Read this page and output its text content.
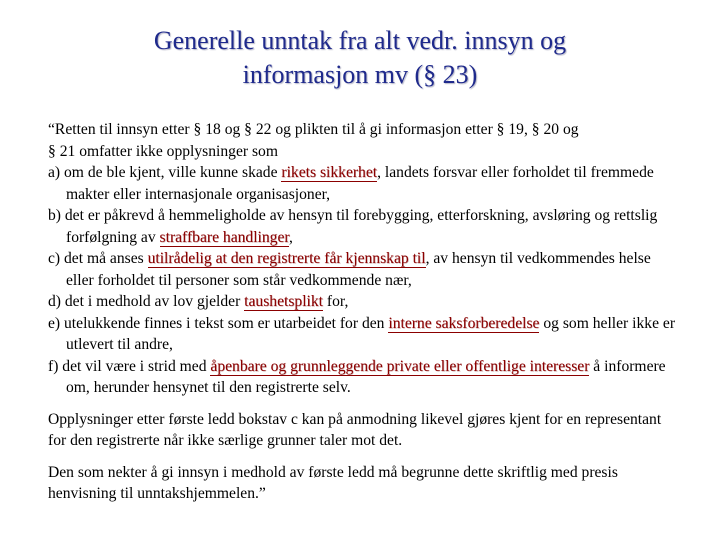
Generelle unntak fra alt vedr. innsyn og
informasjon mv (§ 23)

“Retten til innsyn etter § 18 og § 22 og plikten til å gi informasjon etter § 19, § 20 og
§ 21 omfatter ikke opplysninger som

a) om de ble kjent, ville kunne skade rikets sikkerhet, landets forsvar eller forholdet til fremmede makter eller internasjonale organisasjoner,
b) det er påkrevd å hemmeligholde av hensyn til forebygging, etterforskning, avsløring og rettslig forfølgning av straffbare handlinger,
c) det må anses utilrådelig at den registrerte får kjennskap til, av hensyn til vedkommendes helse eller forholdet til personer som står vedkommende nær,
d) det i medhold av lov gjelder taushetsplikt for,
e) utelukkende finnes i tekst som er utarbeidet for den interne saksforberedelse og som heller ikke er utlevert til andre,
f) det vil være i strid med åpenbare og grunnleggende private eller offentlige interesser å informere om, herunder hensynet til den registrerte selv.

Opplysninger etter første ledd bokstav c kan på anmodning likevel gjøres kjent for en representant for den registrerte når ikke særlige grunner taler mot det.

Den som nekter å gi innsyn i medhold av første ledd må begrunne dette skriftlig med presis henvisning til unntakshjemmelen.”
